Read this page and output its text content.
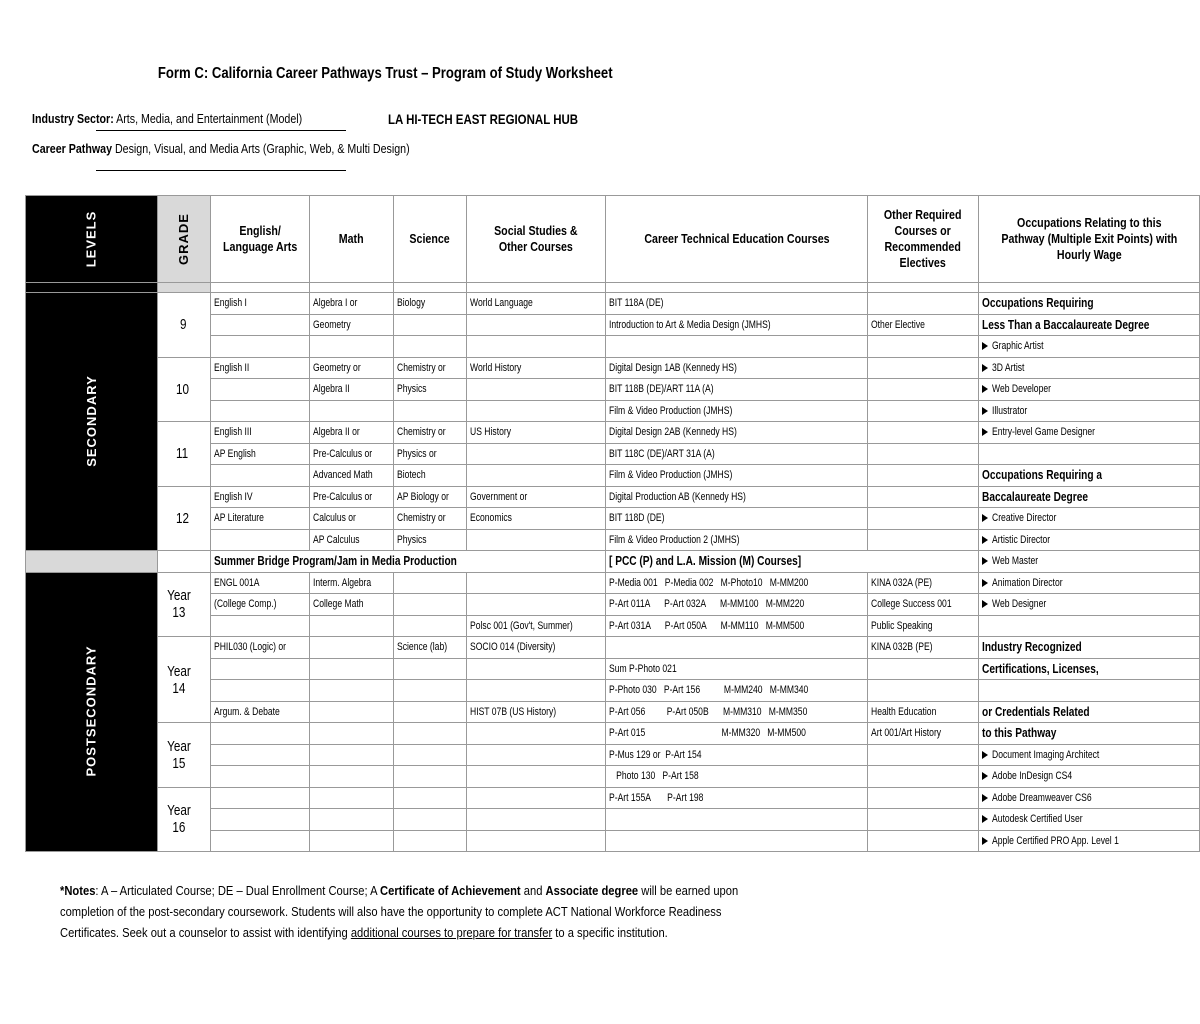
Form C: California Career Pathways Trust – Program of Study Worksheet
Industry Sector: Arts, Media, and Entertainment (Model)	LA HI-TECH EAST REGIONAL HUB
Career Pathway Design, Visual, and Media Arts (Graphic, Web, & Multi Design)
LEVELS	GRADE	English/ Language Arts	Math	Science	Social Studies & Other Courses	Career Technical Education Courses	Other Required Courses or Recommended Electives	Occupations Relating to this Pathway (Multiple Exit Points) with Hourly Wage

SECONDARY	9	English I	Algebra I or	Biology	World Language	BIT 118A (DE)		Occupations Requiring
			Geometry			Introduction to Art & Media Design (JMHS)	Other Elective	Less Than a Baccalaureate Degree
								Graphic Artist
	10	English II	Geometry or	Chemistry or	World History	Digital Design 1AB (Kennedy HS)		3D Artist
			Algebra II	Physics		BIT 118B (DE)/ART 11A (A)		Web Developer
						Film & Video Production (JMHS)		Illustrator
	11	English III	Algebra II or	Chemistry or	US History	Digital Design 2AB (Kennedy HS)		Entry-level Game Designer
		AP English	Pre-Calculus or	Physics or		BIT 118C (DE)/ART 31A (A)		
			Advanced Math	Biotech		Film & Video Production (JMHS)		Occupations Requiring a
	12	English IV	Pre-Calculus or	AP Biology or	Government or	Digital Production AB (Kennedy HS)		Baccalaureate Degree
		AP Literature	Calculus or	Chemistry or	Economics	BIT 118D (DE)		Creative Director
			AP Calculus	Physics		Film & Video Production 2 (JMHS)		Artistic Director
		Summer Bridge Program/Jam in Media Production				[ PCC (P) and L.A. Mission (M) Courses]		Web Master
POSTSECONDARY	Year 13	ENGL 001A	Interm. Algebra			P-Media 001   P-Media 002   M-Photo10   M-MM200	KINA 032A (PE)	Animation Director
		(College Comp.)	College Math			P-Art 011A      P-Art 032A      M-MM100   M-MM220	College Success 001	Web Designer
					Polsc 001 (Gov't, Summer)	P-Art 031A      P-Art 050A      M-MM110   M-MM500	Public Speaking	
	Year 14	PHIL030 (Logic) or		Science (lab)	SOCIO 014 (Diversity)		KINA 032B (PE)	Industry Recognized
						Sum P-Photo 021		Certifications, Licenses,
						P-Photo 030   P-Art 156          M-MM240   M-MM340		
		Argum. & Debate			HIST 07B (US History)	P-Art 056         P-Art 050B      M-MM310   M-MM350	Health Education	or Credentials Related
	Year 15					P-Art 015                                M-MM320   M-MM500	Art 001/Art History	to this Pathway
						P-Mus 129 or  P-Art 154		Document Imaging Architect
						Photo 130   P-Art 158		Adobe InDesign CS4
	Year 16					P-Art 155A       P-Art 198		Adobe Dreamweaver CS6
								Autodesk Certified User
								Apple Certified PRO App. Level 1
*Notes: A – Articulated Course; DE – Dual Enrollment Course; A Certificate of Achievement and Associate degree will be earned upon completion of the post-secondary coursework. Students will also have the opportunity to complete ACT National Workforce Readiness Certificates. Seek out a counselor to assist with identifying additional courses to prepare for transfer to a specific institution.
